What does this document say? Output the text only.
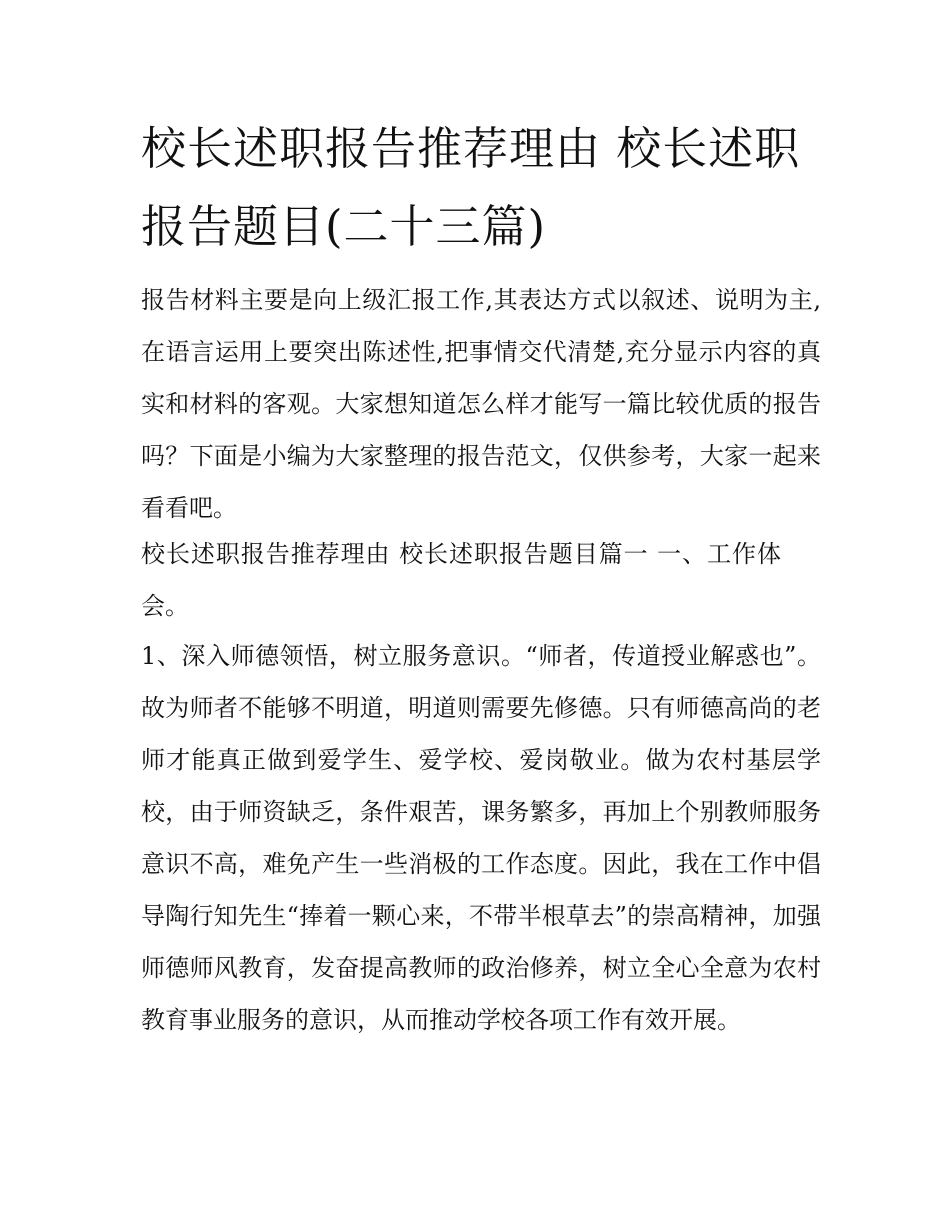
校长述职报告推荐理由 校长述职报告题目(二十三篇)

报告材料主要是向上级汇报工作,其表达方式以叙述、说明为主,在语言运用上要突出陈述性,把事情交代清楚,充分显示内容的真实和材料的客观。大家想知道怎么样才能写一篇比较优质的报告吗？下面是小编为大家整理的报告范文，仅供参考，大家一起来看看吧。

校长述职报告推荐理由 校长述职报告题目篇一 一、工作体会。

1、深入师德领悟，树立服务意识。“师者，传道授业解惑也”。故为师者不能够不明道，明道则需要先修德。只有师德高尚的老师才能真正做到爱学生、爱学校、爱岗敬业。做为农村基层学校，由于师资缺乏，条件艰苦，课务繁多，再加上个别教师服务意识不高，难免产生一些消极的工作态度。因此，我在工作中倡导陶行知先生“捧着一颗心来，不带半根草去”的崇高精神，加强师德师风教育，发奋提高教师的政治修养，树立全心全意为农村教育事业服务的意识，从而推动学校各项工作有效开展。
